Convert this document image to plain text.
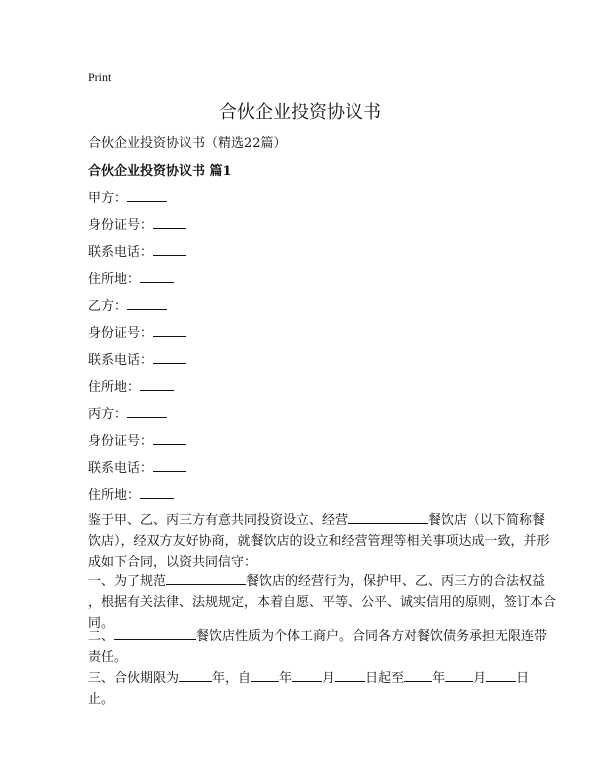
Print
合伙企业投资协议书
合伙企业投资协议书（精选22篇）
合伙企业投资协议书 篇1
甲方：
身份证号：
联系电话：
住所地：
乙方：
身份证号：
联系电话：
住所地：
丙方：
身份证号：
联系电话：
住所地：
鉴于甲、乙、丙三方有意共同投资设立、经营	餐饮店（以下简称餐
饮店），经双方友好协商，就餐饮店的设立和经营管理等相关事项达成一致，并形
成如下合同，以资共同信守：
一、为了规范	餐饮店的经营行为，保护甲、乙、丙三方的合法权益
，根据有关法律、法规规定，本着自愿、平等、公平、诚实信用的原则，签订本合
同。
二、	餐饮店性质为个体工商户。合同各方对餐饮债务承担无限连带
责任。
三、合伙期限为	年，自 年 月 日起至 年 月 日
止。
